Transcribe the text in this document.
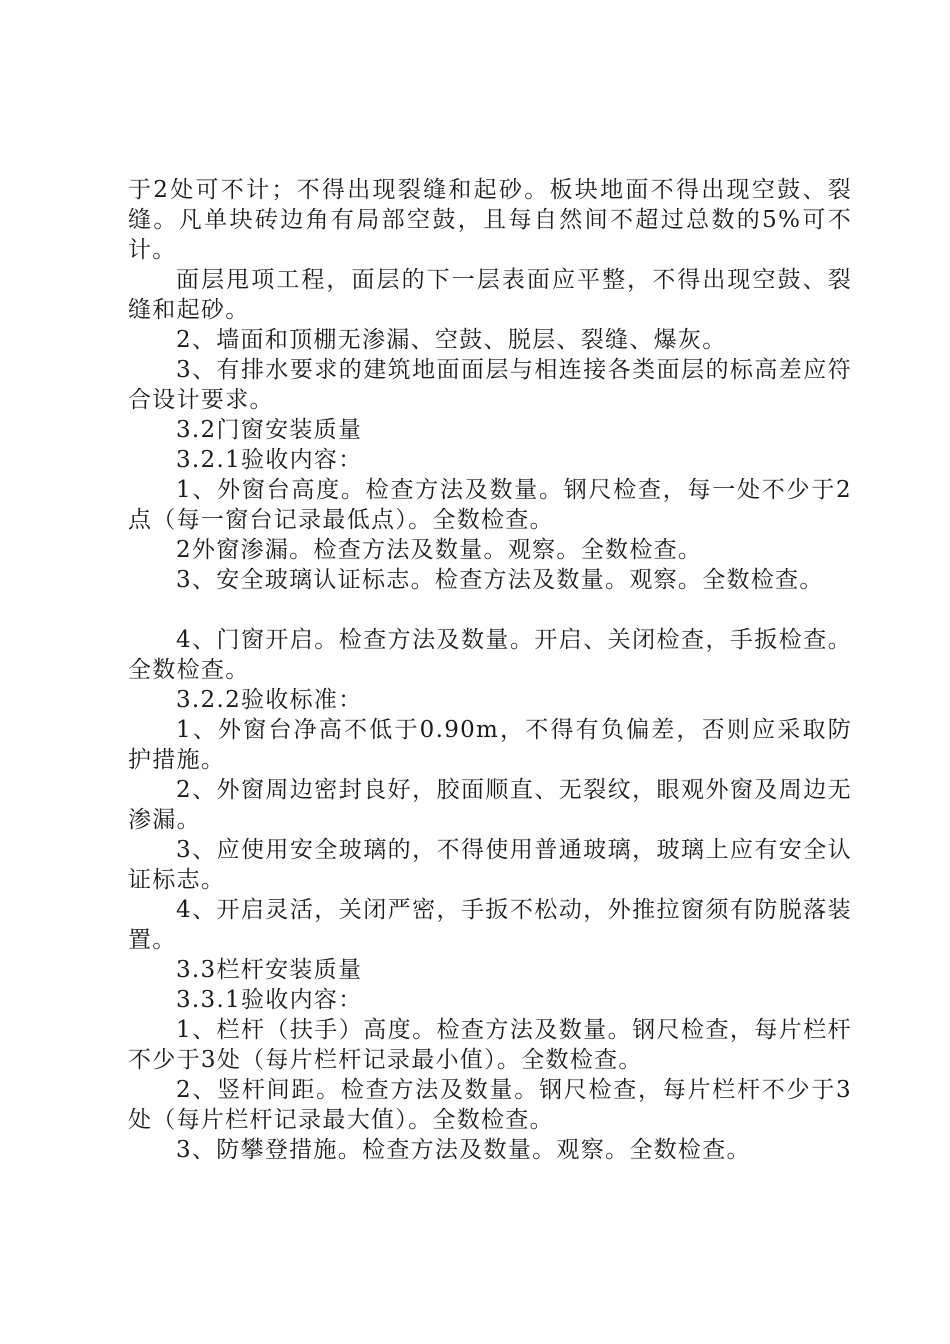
于2处可不计；不得出现裂缝和起砂。板块地面不得出现空鼓、裂缝。凡单块砖边角有局部空鼓，且每自然间不超过总数的5%可不计。

面层甩项工程，面层的下一层表面应平整，不得出现空鼓、裂缝和起砂。

2、墙面和顶棚无渗漏、空鼓、脱层、裂缝、爆灰。

3、有排水要求的建筑地面面层与相连接各类面层的标高差应符合设计要求。

3.2门窗安装质量

3.2.1验收内容：

1、外窗台高度。检查方法及数量。钢尺检查，每一处不少于2点（每一窗台记录最低点）。全数检查。

2外窗渗漏。检查方法及数量。观察。全数检查。

3、安全玻璃认证标志。检查方法及数量。观察。全数检查。

4、门窗开启。检查方法及数量。开启、关闭检查，手扳检查。全数检查。

3.2.2验收标准：

1、外窗台净高不低于0.90m，不得有负偏差，否则应采取防护措施。

2、外窗周边密封良好，胶面顺直、无裂纹，眼观外窗及周边无渗漏。

3、应使用安全玻璃的，不得使用普通玻璃，玻璃上应有安全认证标志。

4、开启灵活，关闭严密，手扳不松动，外推拉窗须有防脱落装置。

3.3栏杆安装质量

3.3.1验收内容：

1、栏杆（扶手）高度。检查方法及数量。钢尺检查，每片栏杆不少于3处（每片栏杆记录最小值）。全数检查。

2、竖杆间距。检查方法及数量。钢尺检查，每片栏杆不少于3处（每片栏杆记录最大值）。全数检查。

3、防攀登措施。检查方法及数量。观察。全数检查。
